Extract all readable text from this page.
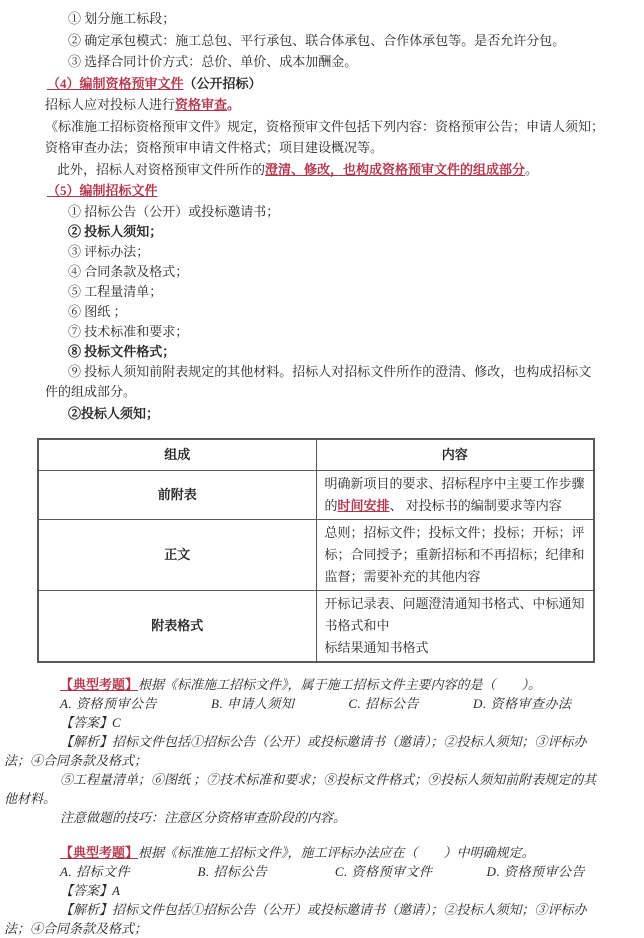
① 划分施工标段；
② 确定承包模式：施工总包、平行承包、联合体承包、合作体承包等。是否允许分包。
③ 选择合同计价方式：总价、单价、成本加酬金。
（4）编制资格预审文件（公开招标）
招标人应对投标人进行资格审查。
《标准施工招标资格预审文件》规定，资格预审文件包括下列内容：资格预审公告；申请人须知；资格审查办法；资格预审申请文件格式；项目建设概况等。
此外，招标人对资格预审文件所作的澄清、修改，也构成资格预审文件的组成部分。
（5）编制招标文件
① 招标公告（公开）或投标邀请书；
② 投标人须知；
③ 评标办法；
④ 合同条款及格式；
⑤ 工程量清单；
⑥ 图纸 ；
⑦ 技术标准和要求；
⑧ 投标文件格式；
⑨ 投标人须知前附表规定的其他材料。招标人对招标文件所作的澄清、修改，也构成招标文件的组成部分。
②投标人须知；
组成	内容
前附表	明确新项目的要求、招标程序中主要工作步骤的时间安排、 对投标书的编制要求等内容
正文	总则；招标文件；投标文件；投标；开标；评标；合同授予；重新招标和不再招标；纪律和监督；需要补充的其他内容
附表格式	开标记录表、问题澄清通知书格式、中标通知书格式和中
标结果通知书格式

【典型考题】根据《标准施工招标文件》，属于施工招标文件主要内容的是（　　）。

A. 资格预审公告　　　　B. 申请人须知　　　　C. 招标公告　　　　D. 资格审查办法

【答案】C

【解析】招标文件包括①招标公告（公开）或投标邀请书（邀请）；②投标人须知；③评标办法；④合同条款及格式；

⑤工程量清单；⑥图纸 ；⑦技术标准和要求；⑧投标文件格式；⑨投标人须知前附表规定的其他材料。

注意做题的技巧：注意区分资格审查阶段的内容。

【典型考题】根据《标准施工招标文件》，施工评标办法应在（　　）中明确规定。

A. 招标文件　　　　　B. 招标公告　　　　　C. 资格预审文件　　　　D. 资格预审公告

【答案】A

【解析】招标文件包括①招标公告（公开）或投标邀请书（邀请）；②投标人须知；③评标办法；④合同条款及格式；
